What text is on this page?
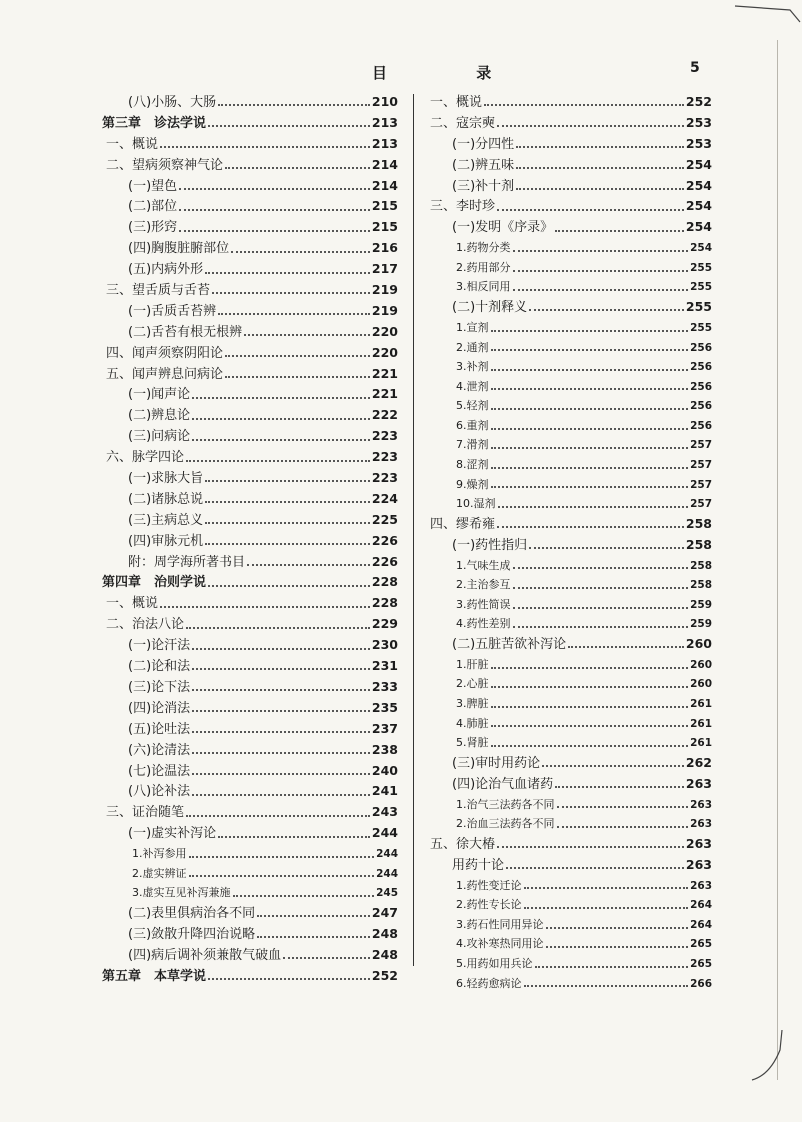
目 录	5
(八)小肠、大肠	210
第三章　诊法学说	213
一、概说	213
二、望病须察神气论	214
(一)望色	214
(二)部位	215
(三)形窍	215
(四)胸腹脏腑部位	216
(五)内病外形	217
三、望舌质与舌苔	219
(一)舌质舌苔辨	219
(二)舌苔有根无根辨	220
四、闻声须察阴阳论	220
五、闻声辨息问病论	221
(一)闻声论	221
(二)辨息论	222
(三)问病论	223
六、脉学四论	223
(一)求脉大旨	223
(二)诸脉总说	224
(三)主病总义	225
(四)审脉元机	226
附：周学海所著书目	226
第四章　治则学说	228
一、概说	228
二、治法八论	229
(一)论汗法	230
(二)论和法	231
(三)论下法	233
(四)论消法	235
(五)论吐法	237
(六)论清法	238
(七)论温法	240
(八)论补法	241
三、证治随笔	243
(一)虚实补泻论	244
1.补泻参用	244
2.虚实辨证	244
3.虚实互见补泻兼施	245
(二)表里俱病治各不同	247
(三)敛散升降四治说略	248
(四)病后调补须兼散气破血	248
第五章　本草学说	252
一、概说	252
二、寇宗奭	253
(一)分四性	253
(二)辨五味	254
(三)补十剂	254
三、李时珍	254
(一)发明《序录》	254
1.药物分类	254
2.药用部分	255
3.相反同用	255
(二)十剂释义	255
1.宣剂	255
2.通剂	256
3.补剂	256
4.泄剂	256
5.轻剂	256
6.重剂	256
7.滑剂	257
8.涩剂	257
9.燥剂	257
10.湿剂	257
四、缪希雍	258
(一)药性指归	258
1.气味生成	258
2.主治参互	258
3.药性简误	259
4.药性差别	259
(二)五脏苦欲补泻论	260
1.肝脏	260
2.心脏	260
3.脾脏	261
4.肺脏	261
5.肾脏	261
(三)审时用药论	262
(四)论治气血诸药	263
1.治气三法药各不同	263
2.治血三法药各不同	263
五、徐大椿	263
用药十论	263
1.药性变迁论	263
2.药性专长论	264
3.药石性同用异论	264
4.攻补寒热同用论	265
5.用药如用兵论	265
6.轻药愈病论	266
